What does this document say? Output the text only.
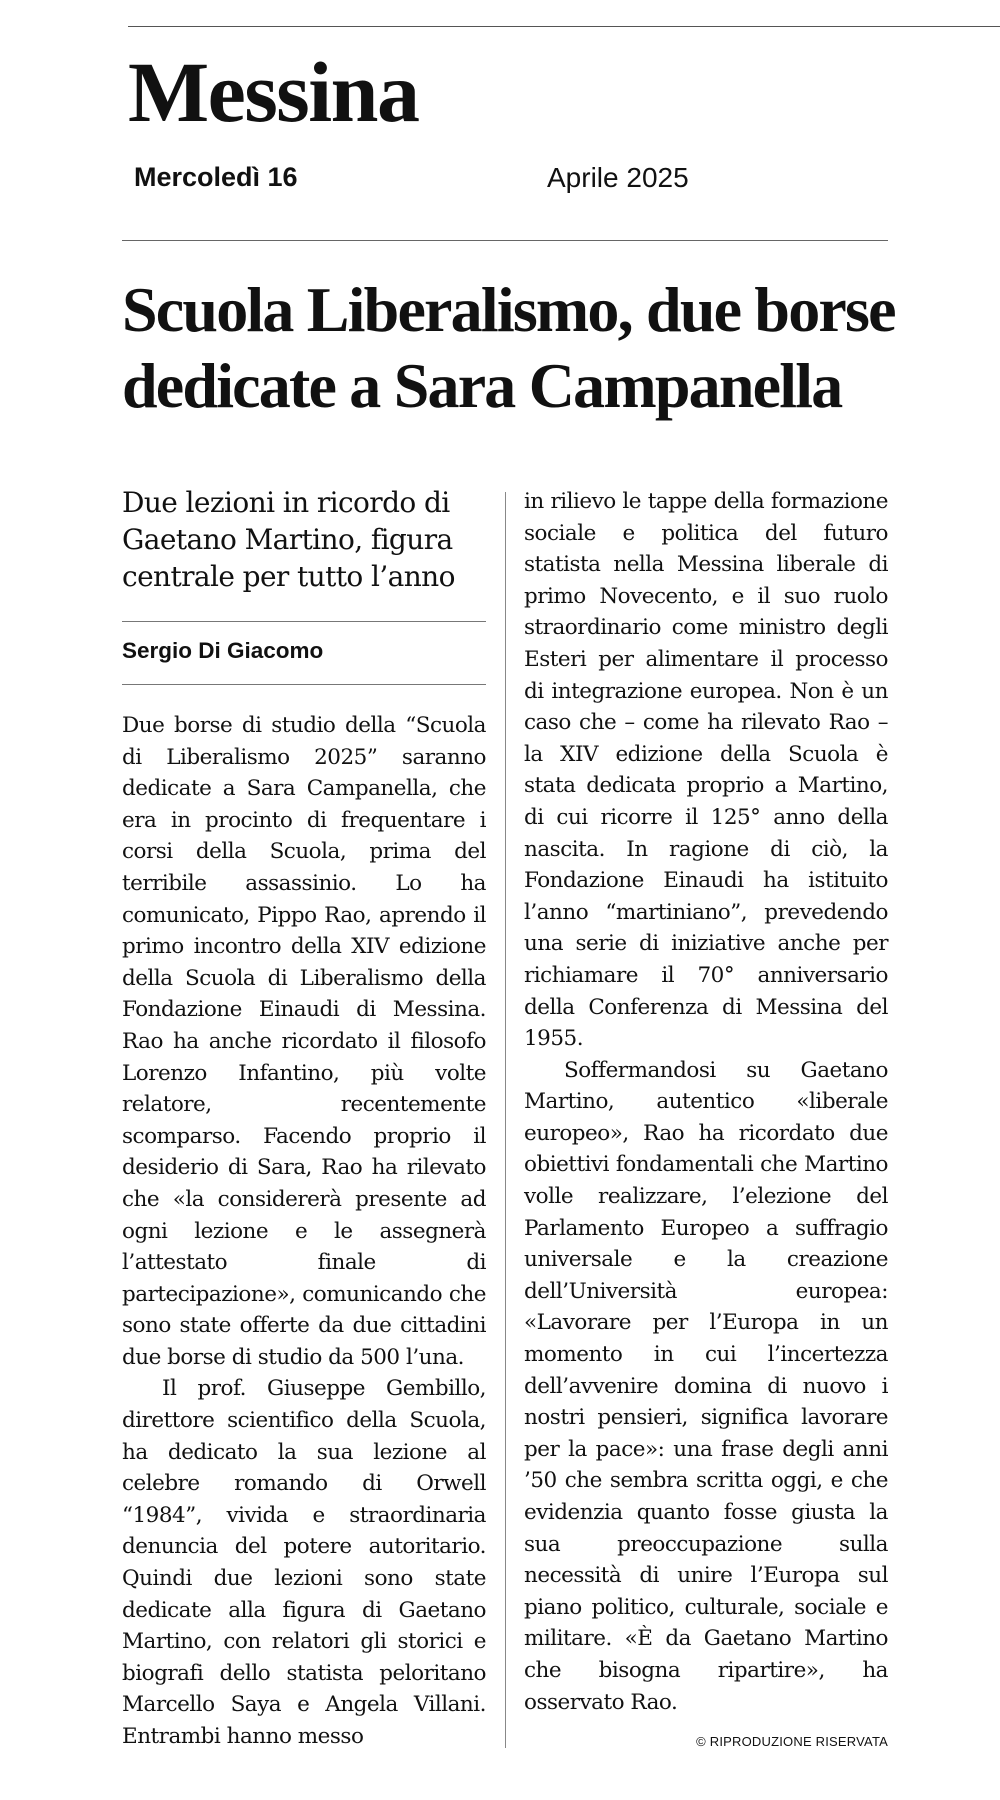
Messina
Mercoledì 16	Aprile 2025
Scuola Liberalismo, due borse dedicate a Sara Campanella
Due lezioni in ricordo di Gaetano Martino, figura centrale per tutto l’anno
Sergio Di Giacomo

Due borse di studio della “Scuola di Liberalismo 2025” saranno dedicate a Sara Campanella, che era in procinto di frequentare i corsi della Scuola, prima del terribile assassinio. Lo ha comunicato, Pippo Rao, aprendo il primo incontro della XIV edizione della Scuola di Liberalismo della Fondazione Einaudi di Messina. Rao ha anche ricordato il filosofo Lorenzo Infantino, più volte relatore, recentemente scomparso. Facendo proprio il desiderio di Sara, Rao ha rilevato che «la considererà presente ad ogni lezione e le assegnerà l’attestato finale di partecipazione», comunicando che sono state offerte da due cittadini due borse di studio da 500 l’una.

Il prof. Giuseppe Gembillo, direttore scientifico della Scuola, ha dedicato la sua lezione al celebre romando di Orwell “1984”, vivida e straordinaria denuncia del potere autoritario. Quindi due lezioni sono state dedicate alla figura di Gaetano Martino, con relatori gli storici e biografi dello statista peloritano Marcello Saya e Angela Villani. Entrambi hanno messo

in rilievo le tappe della formazione sociale e politica del futuro statista nella Messina liberale di primo Novecento, e il suo ruolo straordinario come ministro degli Esteri per alimentare il processo di integrazione europea. Non è un caso che – come ha rilevato Rao – la XIV edizione della Scuola è stata dedicata proprio a Martino, di cui ricorre il 125° anno della nascita. In ragione di ciò, la Fondazione Einaudi ha istituito l’anno “martiniano”, prevedendo una serie di iniziative anche per richiamare il 70° anniversario della Conferenza di Messina del 1955.

Soffermandosi su Gaetano Martino, autentico «liberale europeo», Rao ha ricordato due obiettivi fondamentali che Martino volle realizzare, l’elezione del Parlamento Europeo a suffragio universale e la creazione dell’Università europea: «Lavorare per l’Europa in un momento in cui l’incertezza dell’avvenire domina di nuovo i nostri pensieri, significa lavorare per la pace»: una frase degli anni ’50 che sembra scritta oggi, e che evidenzia quanto fosse giusta la sua preoccupazione sulla necessità di unire l’Europa sul piano politico, culturale, sociale e militare. «È da Gaetano Martino che bisogna ripartire», ha osservato Rao.

© RIPRODUZIONE RISERVATA
